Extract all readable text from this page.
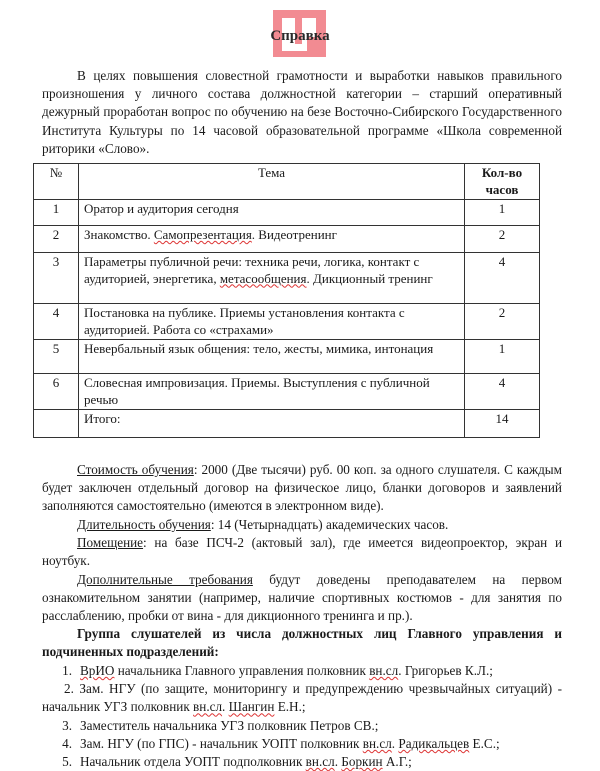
Справка
В целях повышения словестной грамотности и выработки навыков правильного произношения у личного состава должностной категории – старший оперативный дежурный проработан вопрос по обучению на безе Восточно-Сибирского Государственного Института Культуры по 14 часовой образовательной программе «Школа современной риторики «Слово».
№	Тема	Кол-во часов
1	Оратор и аудитория сегодня	1
2	Знакомство. Самопрезентация. Видеотренинг	2
3	Параметры публичной речи: техника речи, логика, контакт с аудиторией, энергетика, метасообщения. Дикционный тренинг	4
4	Постановка на публике. Приемы установления контакта с аудиторией. Работа со «страхами»	2
5	Невербальный язык общения: тело, жесты, мимика, интонация	1
6	Словесная импровизация. Приемы. Выступления с публичной речью	4
	Итого:	14
Стоимость обучения: 2000 (Две тысячи) руб. 00 коп. за одного слушателя. С каждым будет заключен отдельный договор на физическое лицо, бланки договоров и заявлений заполняются самостоятельно (имеются в электронном виде).
Длительность обучения: 14 (Четырнадцать) академических часов.
Помещение: на базе ПСЧ-2 (актовый зал), где имеется видеопроектор, экран и ноутбук.
Дополнительные требования будут доведены преподавателем на первом ознакомительном занятии (например, наличие спортивных костюмов - для занятия по расслаблению, пробки от вина - для дикционного тренинга и пр.).
Группа слушателей из числа должностных лиц Главного управления и подчиненных подразделений:
1. ВрИО начальника Главного управления полковник вн.сл. Григорьев К.Л.;
2. Зам. НГУ (по защите, мониторингу и предупреждению чрезвычайных ситуаций) - начальник УГЗ полковник вн.сл. Шангин Е.Н.;
3. Заместитель начальника УГЗ полковник Петров СВ.;
4. Зам. НГУ (по ГПС) - начальник УОПТ полковник вн.сл. Радикальцев Е.С.;
5. Начальник отдела УОПТ подполковник вн.сл. Боркин А.Г.;
